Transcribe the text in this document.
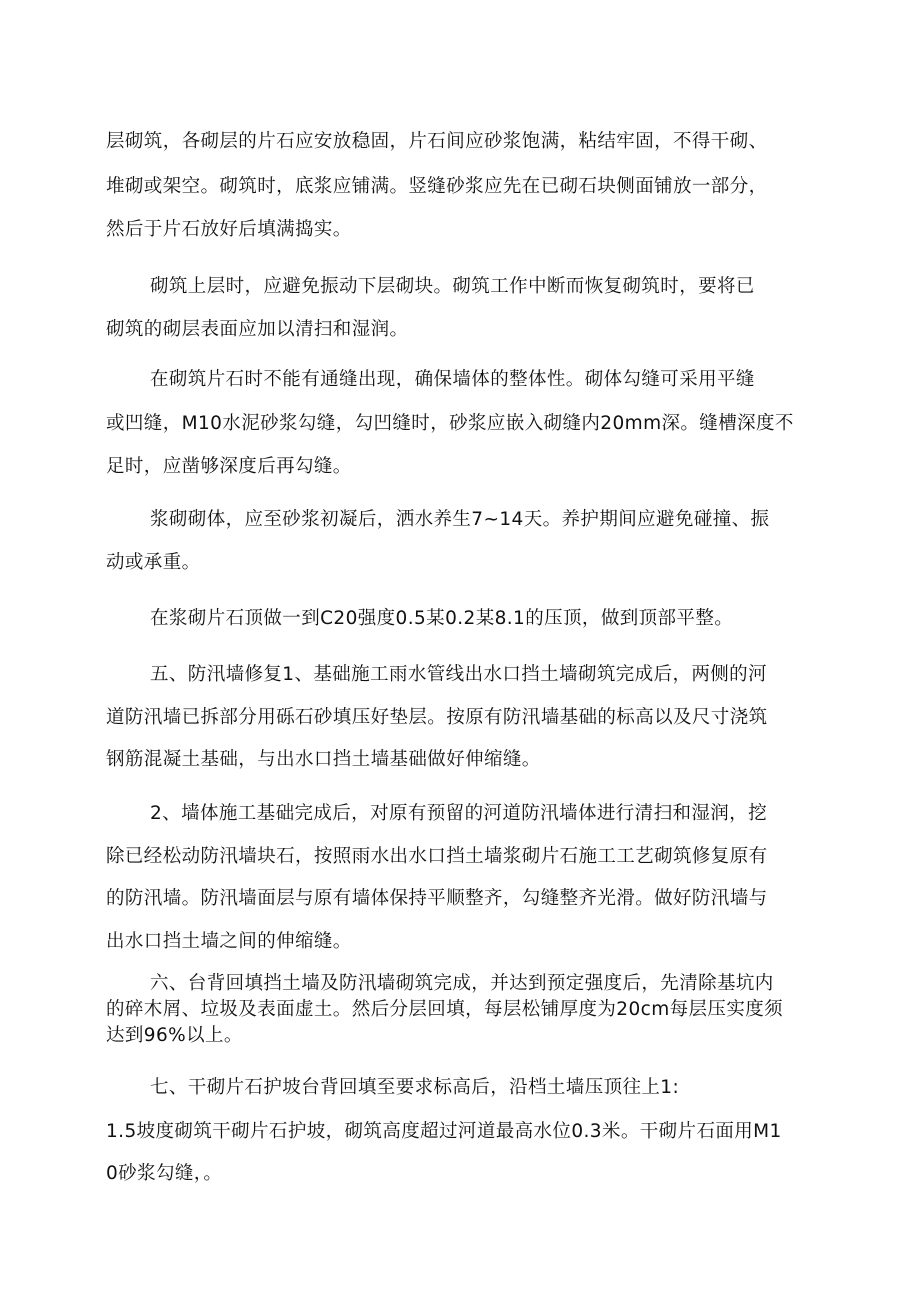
层砌筑，各砌层的片石应安放稳固，片石间应砂浆饱满，粘结牢固，不得干砌、
堆砌或架空。砌筑时，底浆应铺满。竖缝砂浆应先在已砌石块侧面铺放一部分，
然后于片石放好后填满捣实。
砌筑上层时，应避免振动下层砌块。砌筑工作中断而恢复砌筑时，要将已
砌筑的砌层表面应加以清扫和湿润。
在砌筑片石时不能有通缝出现，确保墙体的整体性。砌体勾缝可采用平缝
或凹缝，M10水泥砂浆勾缝，勾凹缝时，砂浆应嵌入砌缝内20mm深。缝槽深度不
足时，应凿够深度后再勾缝。
浆砌砌体，应至砂浆初凝后，洒水养生7~14天。养护期间应避免碰撞、振
动或承重。
在浆砌片石顶做一到C20强度0.5某0.2某8.1的压顶，做到顶部平整。
五、防汛墙修复1、基础施工雨水管线出水口挡土墙砌筑完成后，两侧的河
道防汛墙已拆部分用砾石砂填压好垫层。按原有防汛墙基础的标高以及尺寸浇筑
钢筋混凝土基础，与出水口挡土墙基础做好伸缩缝。
2、墙体施工基础完成后，对原有预留的河道防汛墙体进行清扫和湿润，挖
除已经松动防汛墙块石，按照雨水出水口挡土墙浆砌片石施工工艺砌筑修复原有
的防汛墙。防汛墙面层与原有墙体保持平顺整齐，勾缝整齐光滑。做好防汛墙与
出水口挡土墙之间的伸缩缝。
六、台背回填挡土墙及防汛墙砌筑完成，并达到预定强度后，先清除基坑内
的碎木屑、垃圾及表面虚土。然后分层回填，每层松铺厚度为20cm每层压实度须
达到96%以上。
七、干砌片石护坡台背回填至要求标高后，沿档土墙压顶往上1:
1.5坡度砌筑干砌片石护坡，砌筑高度超过河道最高水位0.3米。干砌片石面用M1
0砂浆勾缝，。
